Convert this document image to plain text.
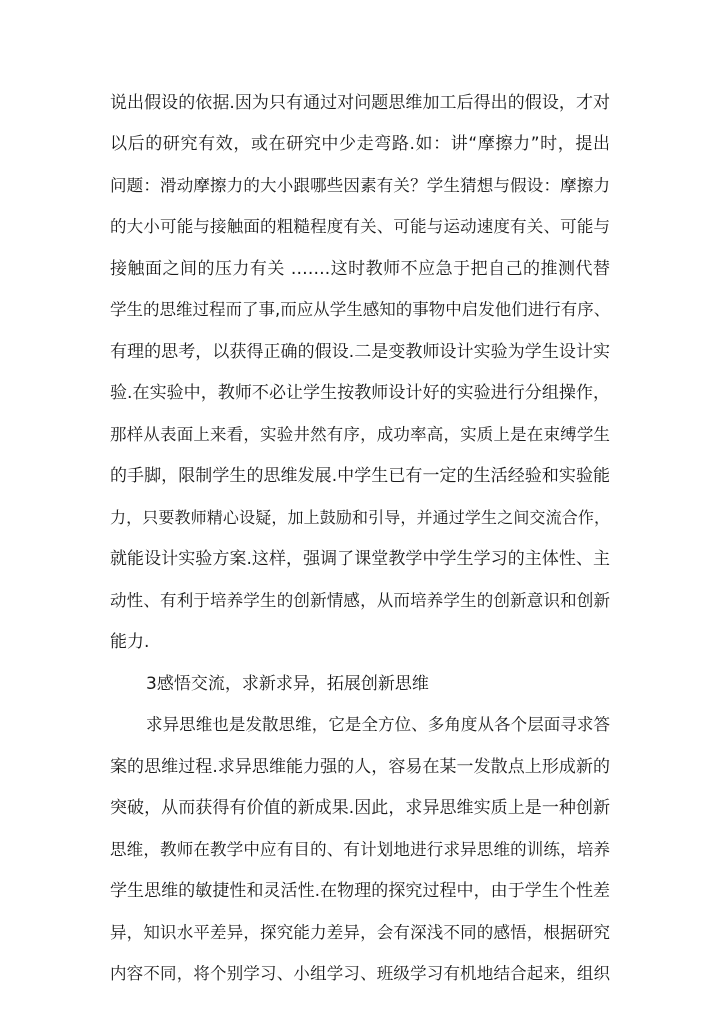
说出假设的依据.因为只有通过对问题思维加工后得出的假设，才对
以后的研究有效，或在研究中少走弯路.如：讲“摩擦力”时，提出
问题：滑动摩擦力的大小跟哪些因素有关？学生猜想与假设：摩擦力
的大小可能与接触面的粗糙程度有关、可能与运动速度有关、可能与
接触面之间的压力有关 …….这时教师不应急于把自己的推测代替
学生的思维过程而了事,而应从学生感知的事物中启发他们进行有序、
有理的思考，以获得正确的假设.二是变教师设计实验为学生设计实
验.在实验中，教师不必让学生按教师设计好的实验进行分组操作，
那样从表面上来看，实验井然有序，成功率高，实质上是在束缚学生
的手脚，限制学生的思维发展.中学生已有一定的生活经验和实验能
力，只要教师精心设疑，加上鼓励和引导，并通过学生之间交流合作，
就能设计实验方案.这样，强调了课堂教学中学生学习的主体性、主
动性、有利于培养学生的创新情感，从而培养学生的创新意识和创新
能力.
3感悟交流，求新求异，拓展创新思维
求异思维也是发散思维，它是全方位、多角度从各个层面寻求答
案的思维过程.求异思维能力强的人，容易在某一发散点上形成新的
突破，从而获得有价值的新成果.因此，求异思维实质上是一种创新
思维，教师在教学中应有目的、有计划地进行求异思维的训练，培养
学生思维的敏捷性和灵活性.在物理的探究过程中，由于学生个性差
异，知识水平差异，探究能力差异，会有深浅不同的感悟，根据研究
内容不同，将个别学习、小组学习、班级学习有机地结合起来，组织
